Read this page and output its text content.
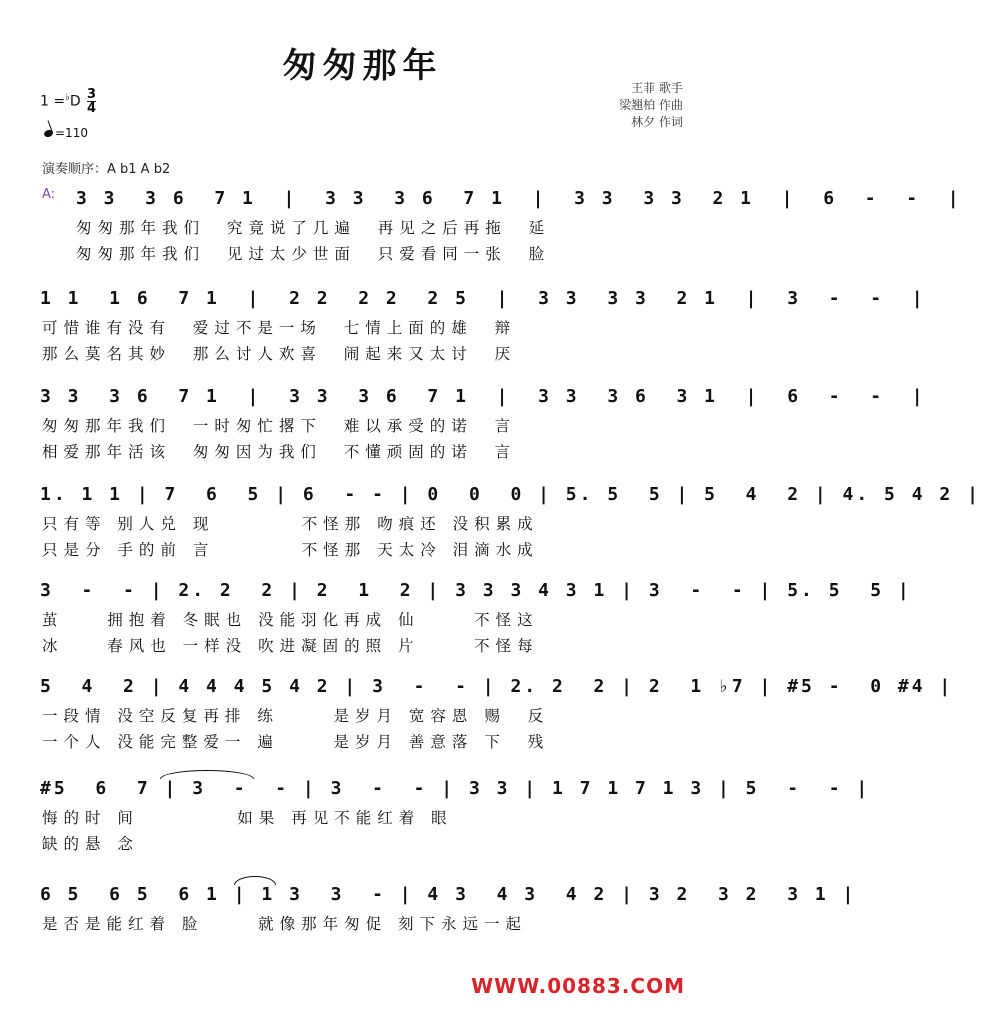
匆匆那年
$1 =^♭D \frac{3}{4}$
=110
王菲 歌手
梁翘柏 作曲
林夕 作词
演奏顺序：A b1 A b2
A: 3 3  3 6  7 1  |  3 3  3 6  7 1  |  3 3  3 3  2 1  |  6  -  -  |
匆匆那年我们  究竟说了几遍  再见之后再拖  延
匆匆那年我们  见过太少世面  只爱看同一张  脸
1 1  1 6  7 1  |  2 2  2 2  2 5  |  3 3  3 3  2 1  |  3  -  -  |
可惜谁有没有  爱过不是一场  七情上面的雄  辩
那么莫名其妙  那么讨人欢喜  闹起来又太讨  厌
3 3  3 6  7 1  |  3 3  3 6  7 1  |  3 3  3 6  3 1  |  6  -  -  |
匆匆那年我们  一时匆忙撂下  难以承受的诺  言
相爱那年活该  匆匆因为我们  不懂顽固的诺  言
1. 1 1 | 7  6  5 | 6  - - | 0  0  0 | 5. 5  5 | 5  4  2 | 4. 5 4 2 |
只有等 别人兑 现        不怪那 吻痕还 没积累成
只是分 手的前 言        不怪那 天太冷 泪滴水成
3  -  - | 2. 2  2 | 2  1  2 | 3 3 3 4 3 1 | 3  -  - | 5. 5  5 |
茧    拥抱着 冬眠也 没能羽化再成 仙     不怪这
冰    春风也 一样没 吹进凝固的照 片     不怪每
5  4  2 | 4 4 4 5 4 2 | 3  -  - | 2. 2  2 | 2  1 ♭7 | #5 -  0 #4 |
一段情 没空反复再排 练     是岁月 宽容恩 赐  反
一个人 没能完整爱一 遍     是岁月 善意落 下  残
#5  6  7 | 3  -  - | 3  -  - | 3 3 | 1 7 1 7 1 3 | 5  -  - |
悔的时 间         如果 再见不能红着 眼
缺的悬 念
6 5  6 5  6 1 | 1 3  3  - | 4 3  4 3  4 2 | 3 2  3 2  3 1 |
是否是能红着 脸     就像那年匆促 刻下永远一起
WWW.00883.COM
